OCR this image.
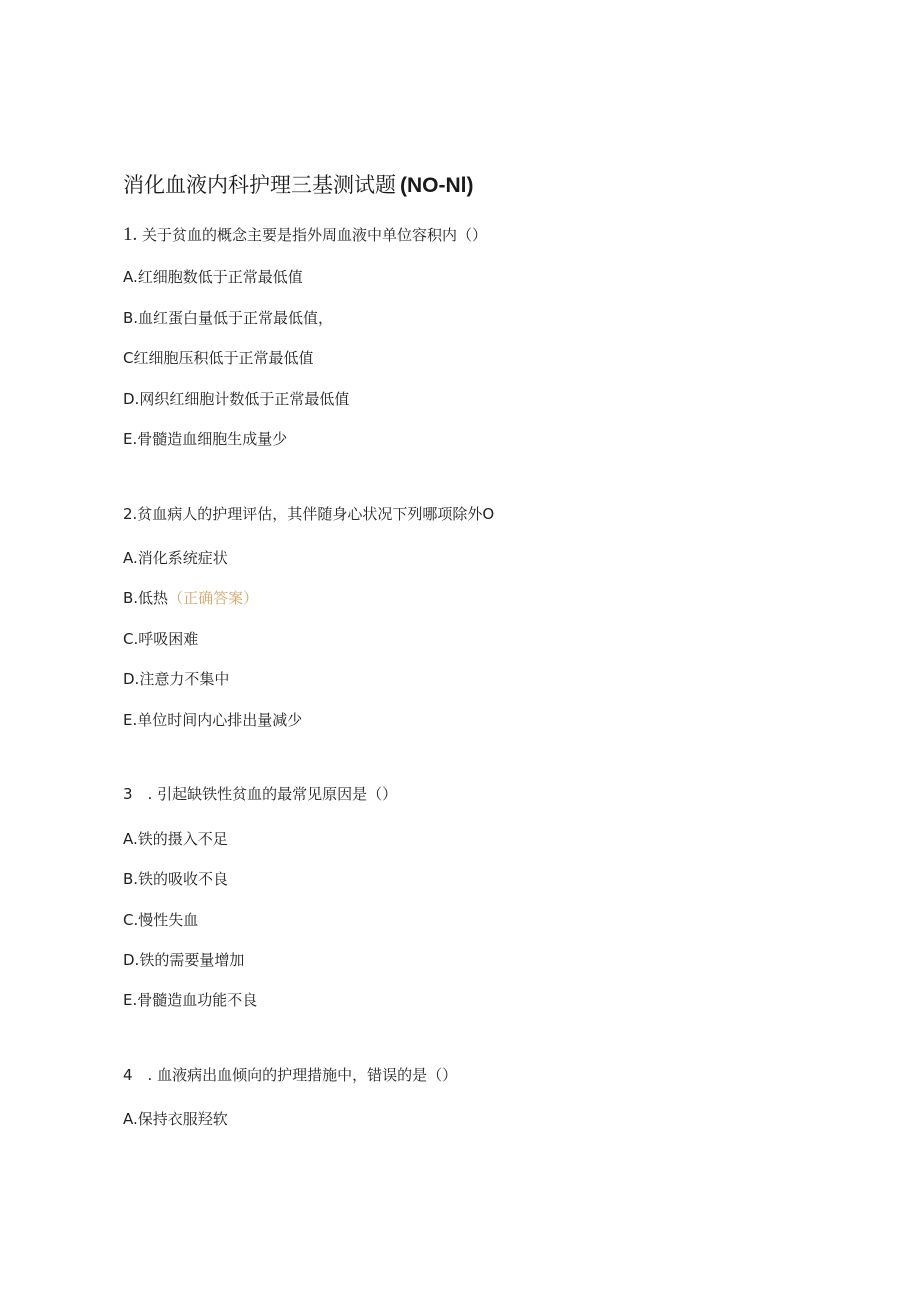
消化血液内科护理三基测试题 (NO-Nl)
1. 关于贫血的概念主要是指外周血液中单位容积内（）
A.红细胞数低于正常最低值
B.血红蛋白量低于正常最低值，
C红细胞压积低于正常最低值
D.网织红细胞计数低于正常最低值
E.骨髓造血细胞生成量少
2.贫血病人的护理评估，其伴随身心状况下列哪项除外O
A.消化系统症状
B.低热（正确答案）
C.呼吸困难
D.注意力不集中
E.单位时间内心排出量减少
3　. 引起缺铁性贫血的最常见原因是（）
A.铁的摄入不足
B.铁的吸收不良
C.慢性失血
D.铁的需要量增加
E.骨髓造血功能不良
4　. 血液病出血倾向的护理措施中，错误的是（）
A.保持衣服羟软
